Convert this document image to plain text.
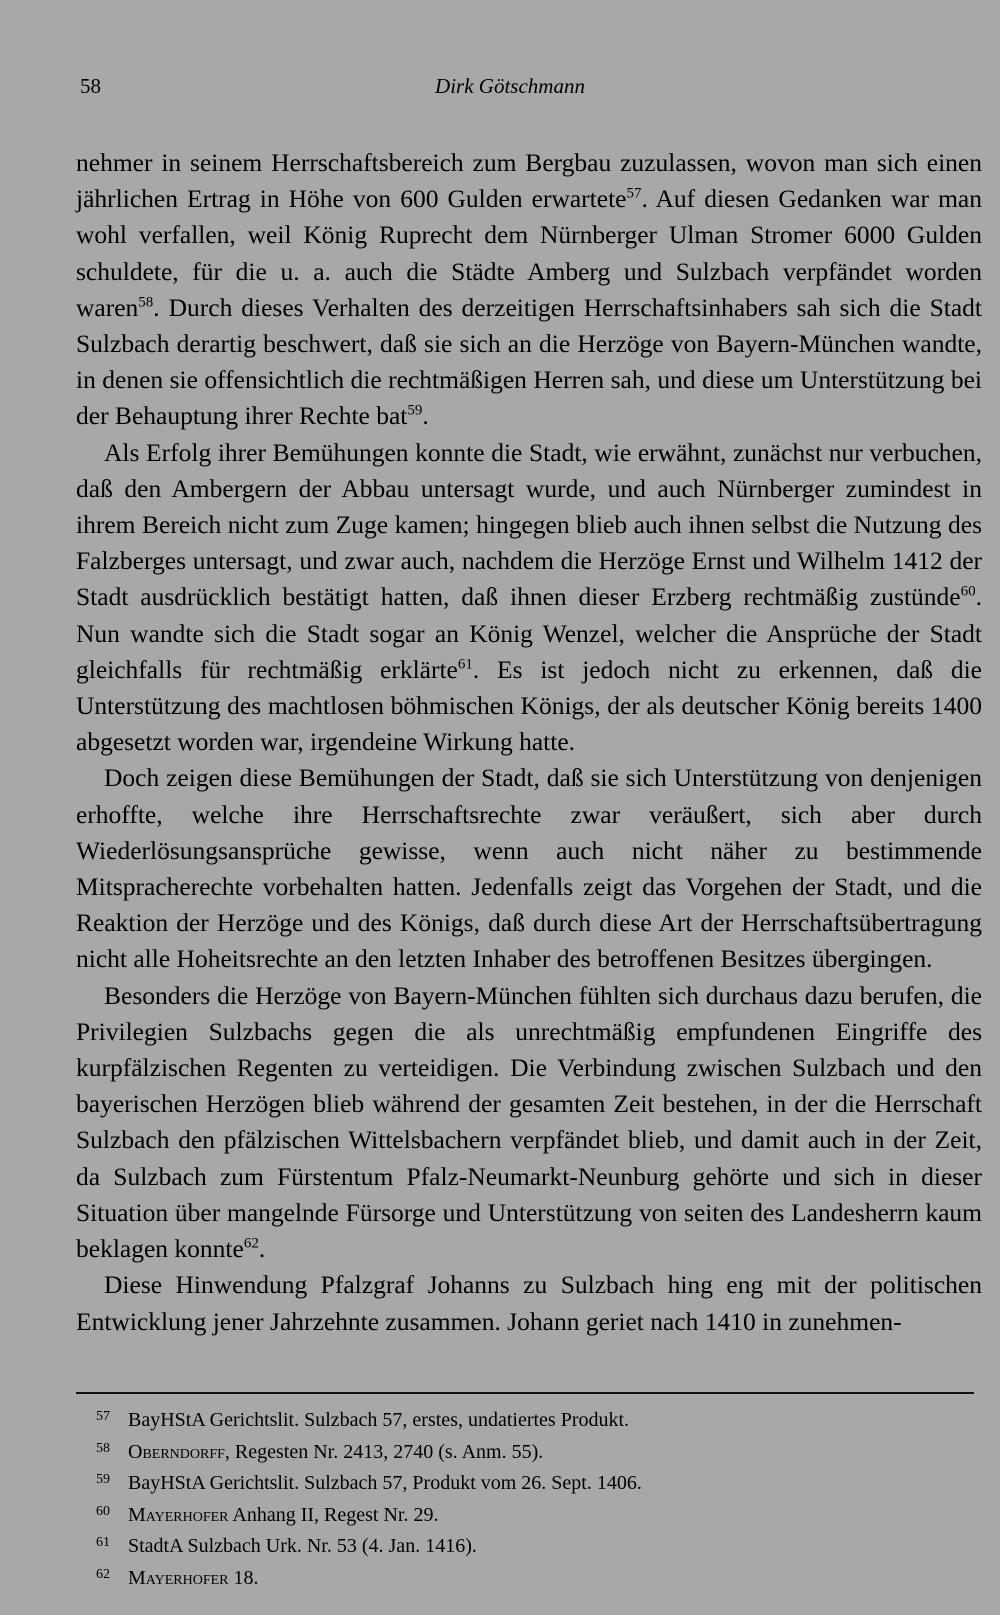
58	Dirk Götschmann

nehmer in seinem Herrschaftsbereich zum Bergbau zuzulassen, wovon man sich einen jährlichen Ertrag in Höhe von 600 Gulden erwartete$^{57}$. Auf diesen Gedanken war man wohl verfallen, weil König Ruprecht dem Nürnberger Ulman Stromer 6000 Gulden schuldete, für die u. a. auch die Städte Amberg und Sulzbach verpfändet worden waren$^{58}$. Durch dieses Verhalten des derzeitigen Herrschaftsinhabers sah sich die Stadt Sulzbach derartig beschwert, daß sie sich an die Herzöge von Bayern-München wandte, in denen sie offensichtlich die rechtmäßigen Herren sah, und diese um Unterstützung bei der Behauptung ihrer Rechte bat$^{59}$.

Als Erfolg ihrer Bemühungen konnte die Stadt, wie erwähnt, zunächst nur verbuchen, daß den Ambergern der Abbau untersagt wurde, und auch Nürnberger zumindest in ihrem Bereich nicht zum Zuge kamen; hingegen blieb auch ihnen selbst die Nutzung des Falzberges untersagt, und zwar auch, nachdem die Herzöge Ernst und Wilhelm 1412 der Stadt ausdrücklich bestätigt hatten, daß ihnen dieser Erzberg rechtmäßig zustünde$^{60}$. Nun wandte sich die Stadt sogar an König Wenzel, welcher die Ansprüche der Stadt gleichfalls für rechtmäßig erklärte$^{61}$. Es ist jedoch nicht zu erkennen, daß die Unterstützung des machtlosen böhmischen Königs, der als deutscher König bereits 1400 abgesetzt worden war, irgendeine Wirkung hatte.

Doch zeigen diese Bemühungen der Stadt, daß sie sich Unterstützung von denjenigen erhoffte, welche ihre Herrschaftsrechte zwar veräußert, sich aber durch Wiederlösungsansprüche gewisse, wenn auch nicht näher zu bestimmende Mitspracherechte vorbehalten hatten. Jedenfalls zeigt das Vorgehen der Stadt, und die Reaktion der Herzöge und des Königs, daß durch diese Art der Herrschaftsübertragung nicht alle Hoheitsrechte an den letzten Inhaber des betroffenen Besitzes übergingen.

Besonders die Herzöge von Bayern-München fühlten sich durchaus dazu berufen, die Privilegien Sulzbachs gegen die als unrechtmäßig empfundenen Eingriffe des kurpfälzischen Regenten zu verteidigen. Die Verbindung zwischen Sulzbach und den bayerischen Herzögen blieb während der gesamten Zeit bestehen, in der die Herrschaft Sulzbach den pfälzischen Wittelsbachern verpfändet blieb, und damit auch in der Zeit, da Sulzbach zum Fürstentum Pfalz-Neumarkt-Neunburg gehörte und sich in dieser Situation über mangelnde Fürsorge und Unterstützung von seiten des Landesherrn kaum beklagen konnte$^{62}$.

Diese Hinwendung Pfalzgraf Johanns zu Sulzbach hing eng mit der politischen Entwicklung jener Jahrzehnte zusammen. Johann geriet nach 1410 in zunehmen-

57 BayHStA Gerichtslit. Sulzbach 57, erstes, undatiertes Produkt.
58 Oberndorff, Regesten Nr. 2413, 2740 (s. Anm. 55).
59 BayHStA Gerichtslit. Sulzbach 57, Produkt vom 26. Sept. 1406.
60 Mayerhofer Anhang II, Regest Nr. 29.
61 StadtA Sulzbach Urk. Nr. 53 (4. Jan. 1416).
62 Mayerhofer 18.
